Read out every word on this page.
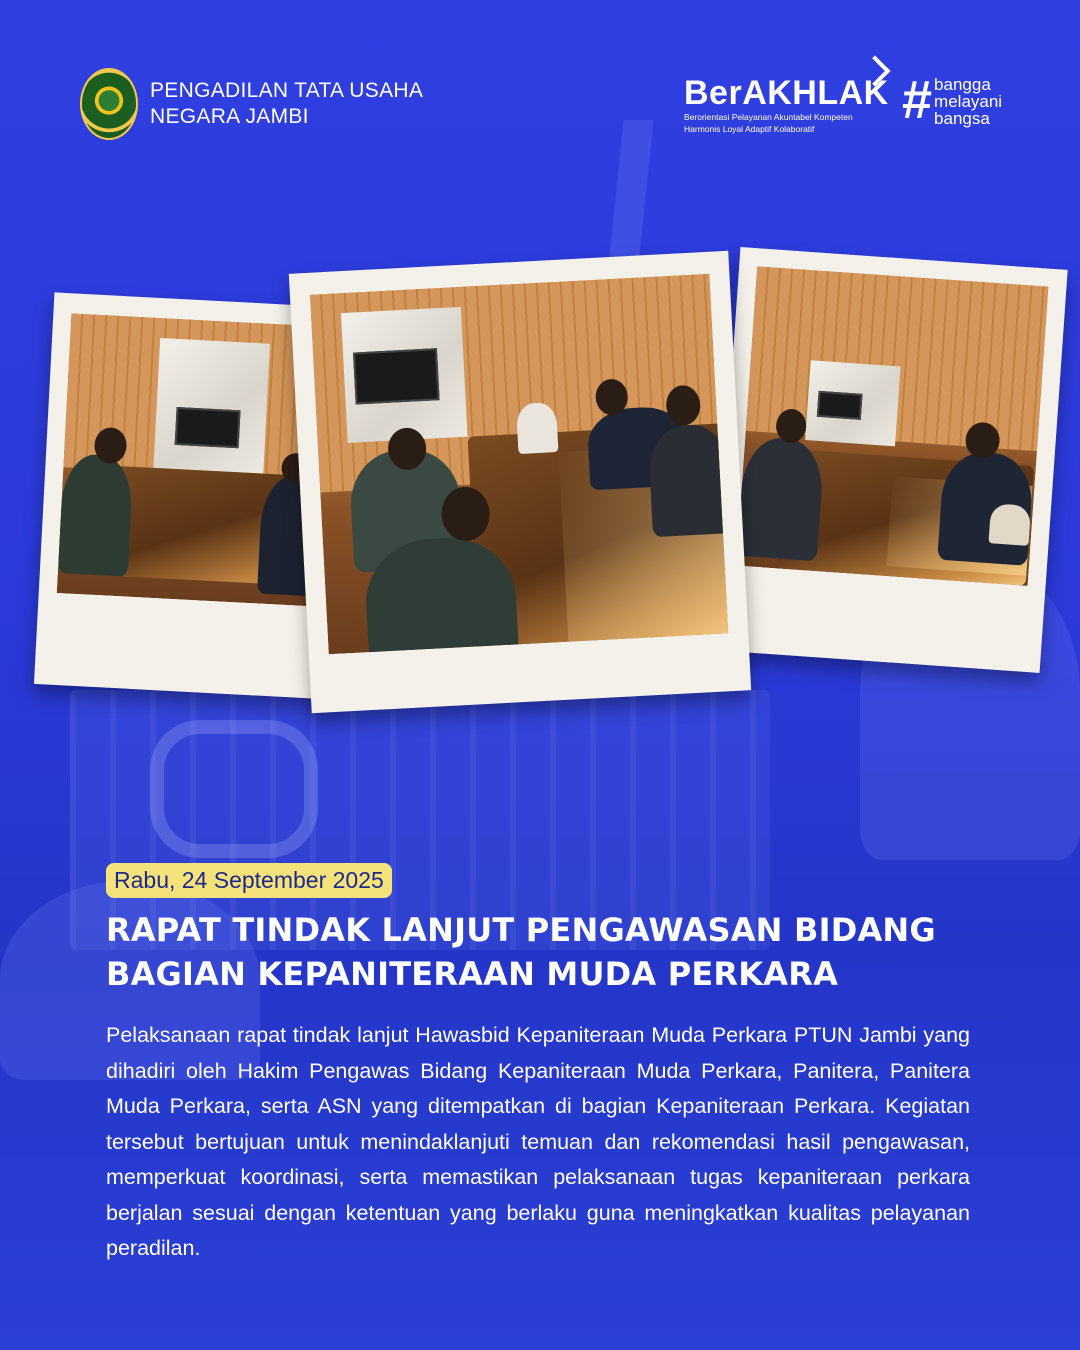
PENGADILAN TATA USAHA
NEGARA JAMBI
BerAKHLAK
Berorientasi Pelayanan Akuntabel Kompeten
Harmonis Loyal Adaptif Kolaboratif	# bangga
melayani
bangsa
Rabu, 24 September 2025
RAPAT TINDAK LANJUT PENGAWASAN BIDANG
BAGIAN KEPANITERAAN MUDA PERKARA
Pelaksanaan rapat tindak lanjut Hawasbid Kepaniteraan Muda Perkara PTUN Jambi yang dihadiri oleh Hakim Pengawas Bidang Kepaniteraan Muda Perkara, Panitera, Panitera Muda Perkara, serta ASN yang ditempatkan di bagian Kepaniteraan Perkara. Kegiatan tersebut bertujuan untuk menindaklanjuti temuan dan rekomendasi hasil pengawasan, memperkuat koordinasi, serta memastikan pelaksanaan tugas kepaniteraan perkara berjalan sesuai dengan ketentuan yang berlaku guna meningkatkan kualitas pelayanan peradilan.
